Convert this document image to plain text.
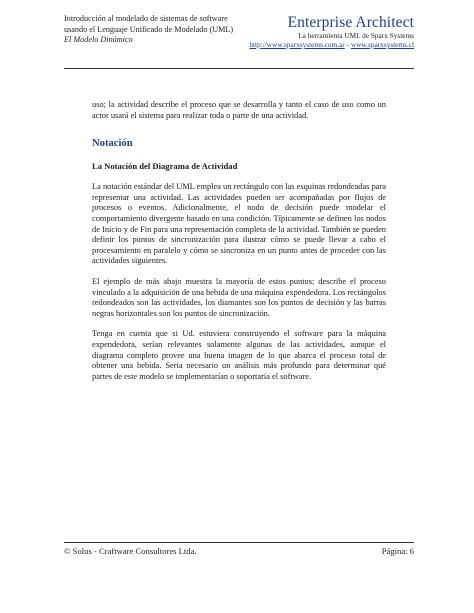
Introducción al modelado de sistemas de software
usando el Lenguaje Unificado de Modelado (UML)
El Modelo Dinámico
Enterprise Architect
La herramienta UML de Sparx Systems
http://www.sparxsystems.com.ar - www.sparxsystems.cl

uso; la actividad describe el proceso que se desarrolla y tanto el caso de uso como un actor usará el sistema para realizar toda o parte de una actividad.

Notación

La Notación del Diagrama de Actividad

La notación estándar del UML emplea un rectángulo con las esquinas redondeadas para representar una actividad. Las actividades pueden ser acompañadas por flujos de procesos o eventos. Adicionalmente, el nodo de decisión puede modelar el comportamiento divergente basado en una condición. Típicamente se definen los nodos de Inicio y de Fin para una representación completa de la actividad. También se pueden definir los puntos de sincronización para ilustrar cómo se puede llevar a cabo el procesamiento en paralelo y cómo se sincroniza en un punto antes de proceder con las actividades siguientes.

El ejemplo de más abajo muestra la mayoría de estos puntos; describe el proceso vinculado a la adquisición de una bebida de una máquina expendedora. Los rectángulos redondeados son las actividades, los diamantes son los puntos de decisión y las barras negras horizontales son los puntos de sincronización.

Tenga en cuenta que si Ud. estuviera construyendo el software para la máquina expendedora, serían relevantes solamente algunas de las actividades, aunque el diagrama completo provee una buena imagen de lo que abarca el proceso total de obtener una bebida. Sería necesario un análisis más profundo para determinar qué partes de este modelo se implementarían o soportaría el software.

© Solus - Craftware Consultores Ltda.	Página: 6
